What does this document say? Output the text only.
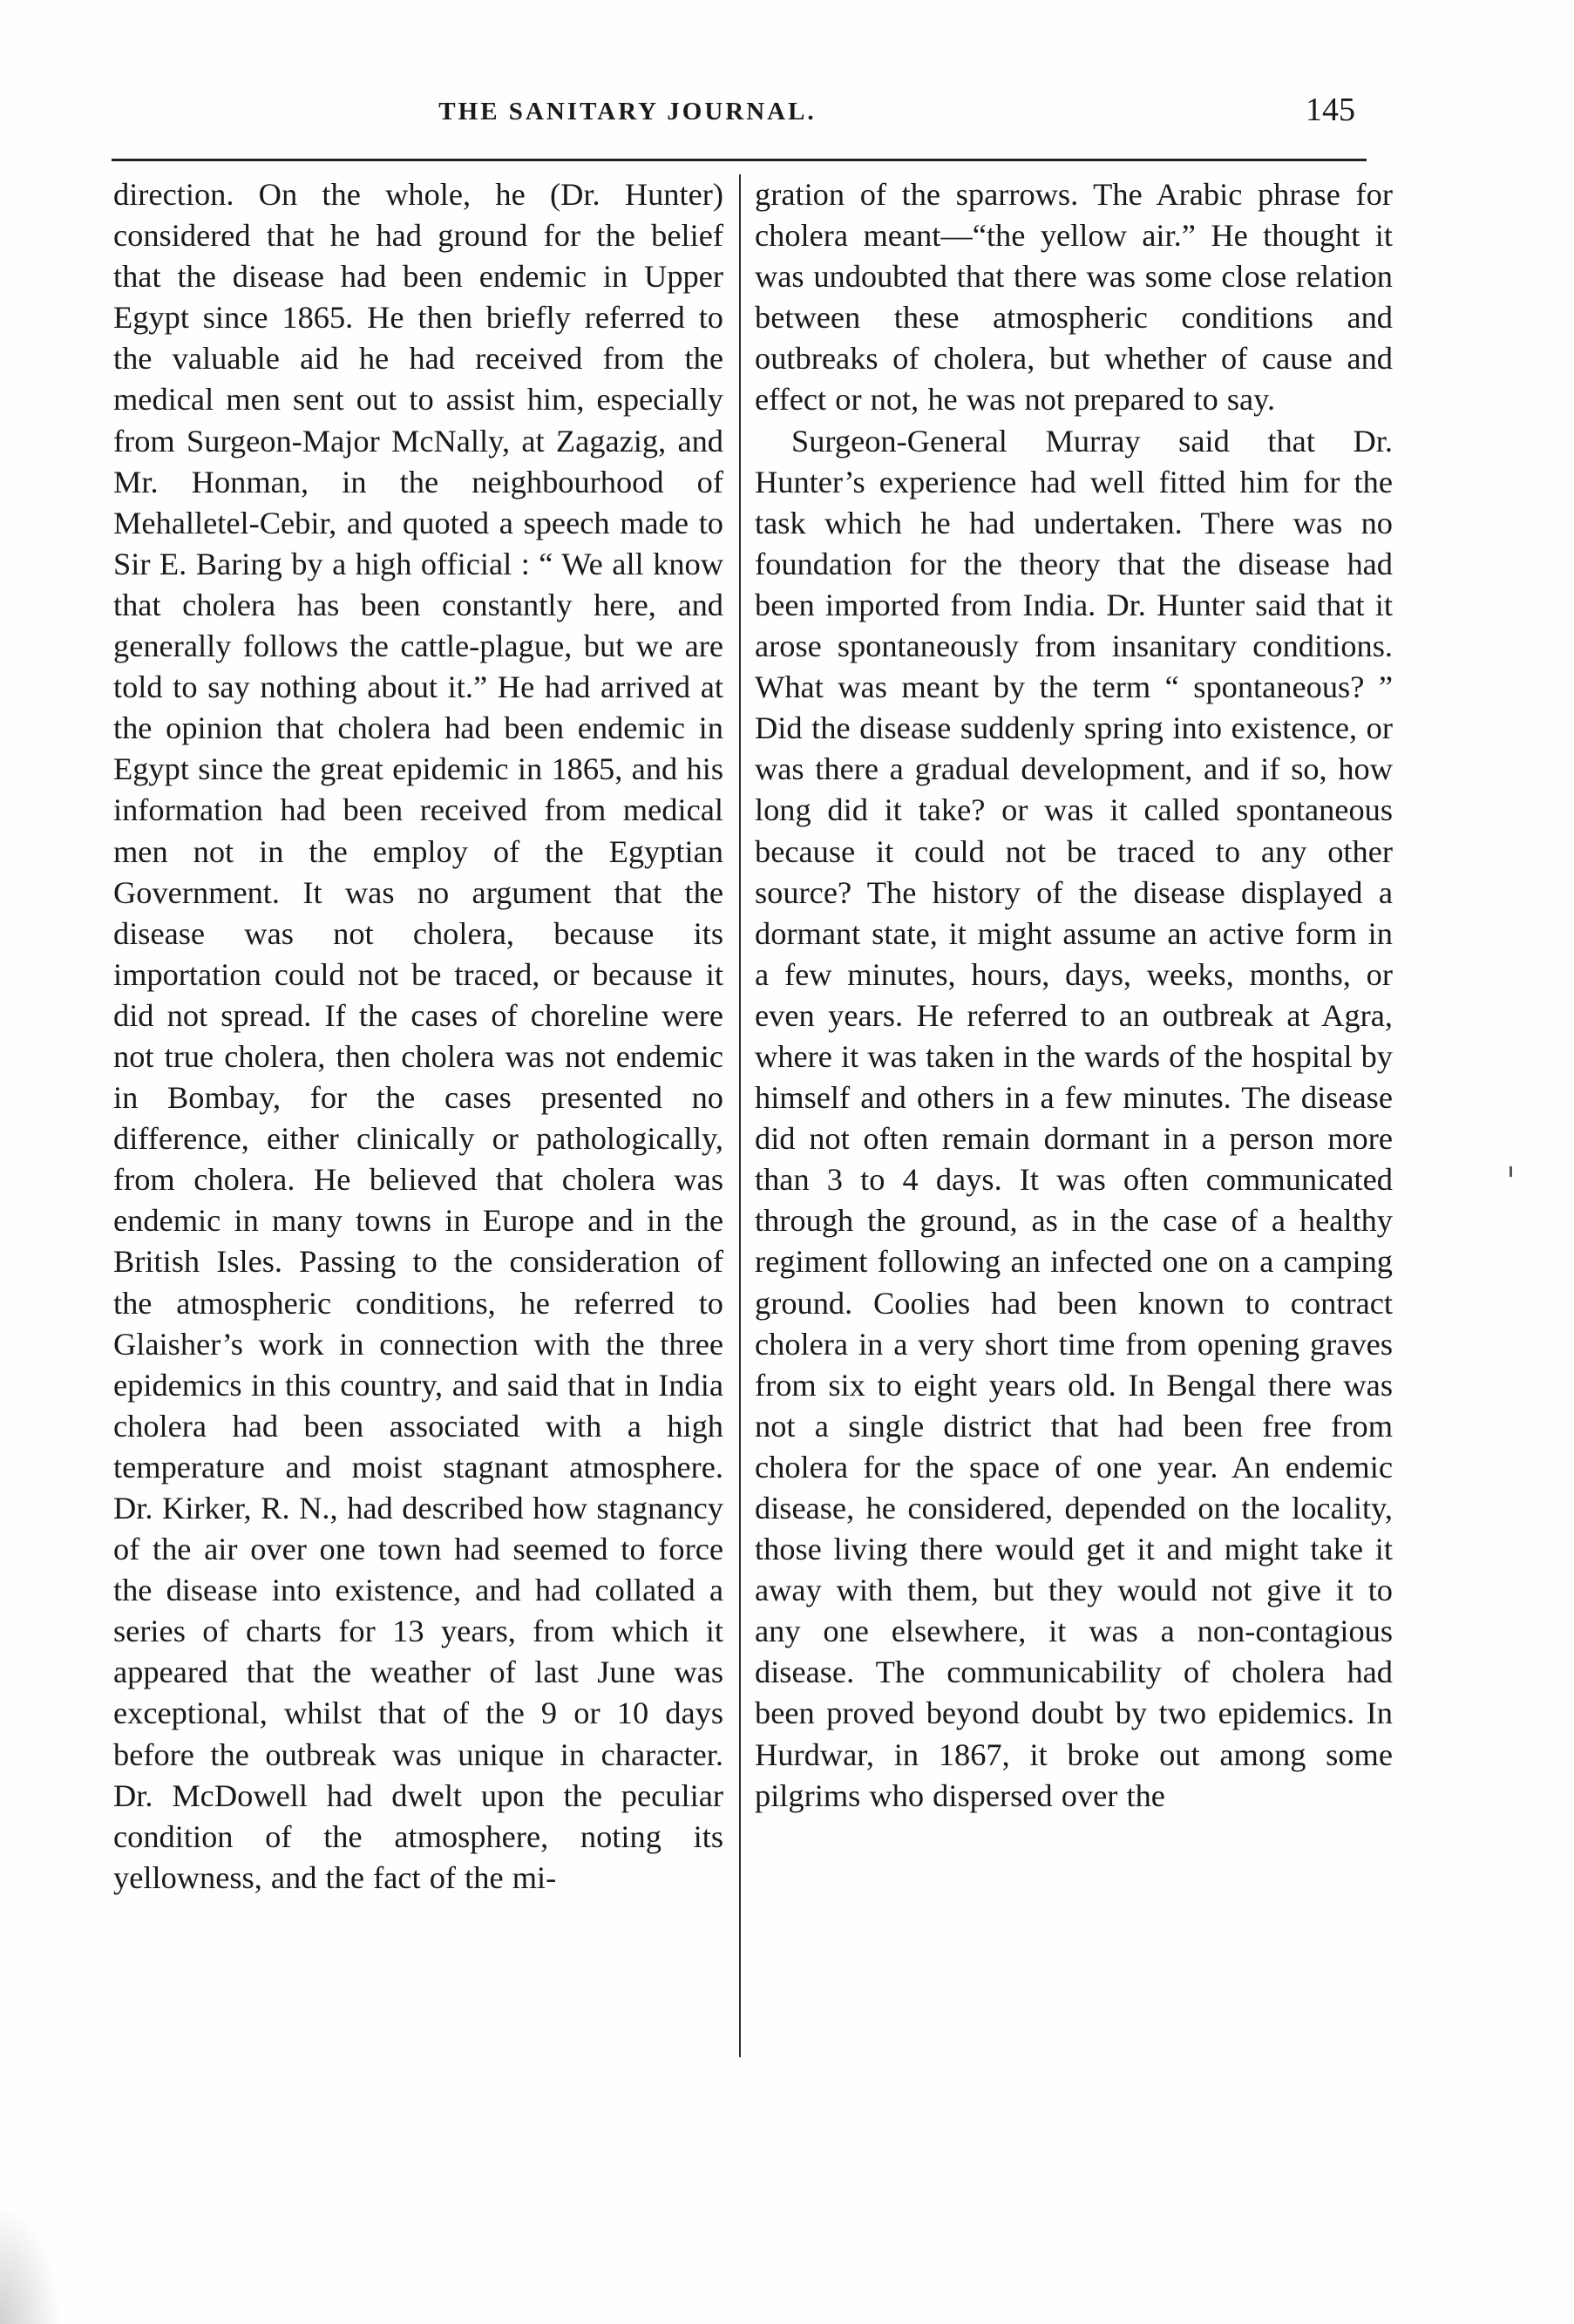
THE SANITARY JOURNAL.	145

direction. On the whole, he (Dr. Hunter) considered that he had ground for the belief that the disease had been endemic in Upper Egypt since 1865. He then briefly referred to the valuable aid he had received from the medical men sent out to assist him, especially from Surgeon-Major McNally, at Zagazig, and Mr. Honman, in the neighbourhood of Mehalletel-Cebir, and quoted a speech made to Sir E. Baring by a high official : “ We all know that cholera has been constantly here, and generally follows the cattle-plague, but we are told to say nothing about it.” He had arrived at the opinion that cholera had been endemic in Egypt since the great epidemic in 1865, and his information had been received from medical men not in the employ of the Egyptian Government. It was no argument that the disease was not cholera, because its importation could not be traced, or because it did not spread. If the cases of choreline were not true cholera, then cholera was not endemic in Bombay, for the cases presented no difference, either clinically or pathologically, from cholera. He believed that cholera was endemic in many towns in Europe and in the British Isles. Passing to the consideration of the atmospheric conditions, he referred to Glaisher’s work in connection with the three epidemics in this country, and said that in India cholera had been associated with a high temperature and moist stagnant atmosphere. Dr. Kirker, R. N., had described how stagnancy of the air over one town had seemed to force the disease into existence, and had collated a series of charts for 13 years, from which it appeared that the weather of last June was exceptional, whilst that of the 9 or 10 days before the outbreak was unique in character. Dr. McDowell had dwelt upon the peculiar condition of the atmosphere, noting its yellowness, and the fact of the mi-

gration of the sparrows. The Arabic phrase for cholera meant—“the yellow air.” He thought it was undoubted that there was some close relation between these atmospheric conditions and outbreaks of cholera, but whether of cause and effect or not, he was not prepared to say.

Surgeon-General Murray said that Dr. Hunter’s experience had well fitted him for the task which he had undertaken. There was no foundation for the theory that the disease had been imported from India. Dr. Hunter said that it arose spontaneously from insanitary conditions. What was meant by the term “ spontaneous? ” Did the disease suddenly spring into existence, or was there a gradual development, and if so, how long did it take? or was it called spontaneous because it could not be traced to any other source? The history of the disease displayed a dormant state, it might assume an active form in a few minutes, hours, days, weeks, months, or even years. He referred to an outbreak at Agra, where it was taken in the wards of the hospital by himself and others in a few minutes. The disease did not often remain dormant in a person more than 3 to 4 days. It was often communicated through the ground, as in the case of a healthy regiment following an infected one on a camping ground. Coolies had been known to contract cholera in a very short time from opening graves from six to eight years old. In Bengal there was not a single district that had been free from cholera for the space of one year. An endemic disease, he considered, depended on the locality, those living there would get it and might take it away with them, but they would not give it to any one elsewhere, it was a non-contagious disease. The communicability of cholera had been proved beyond doubt by two epidemics. In Hurdwar, in 1867, it broke out among some pilgrims who dispersed over the
